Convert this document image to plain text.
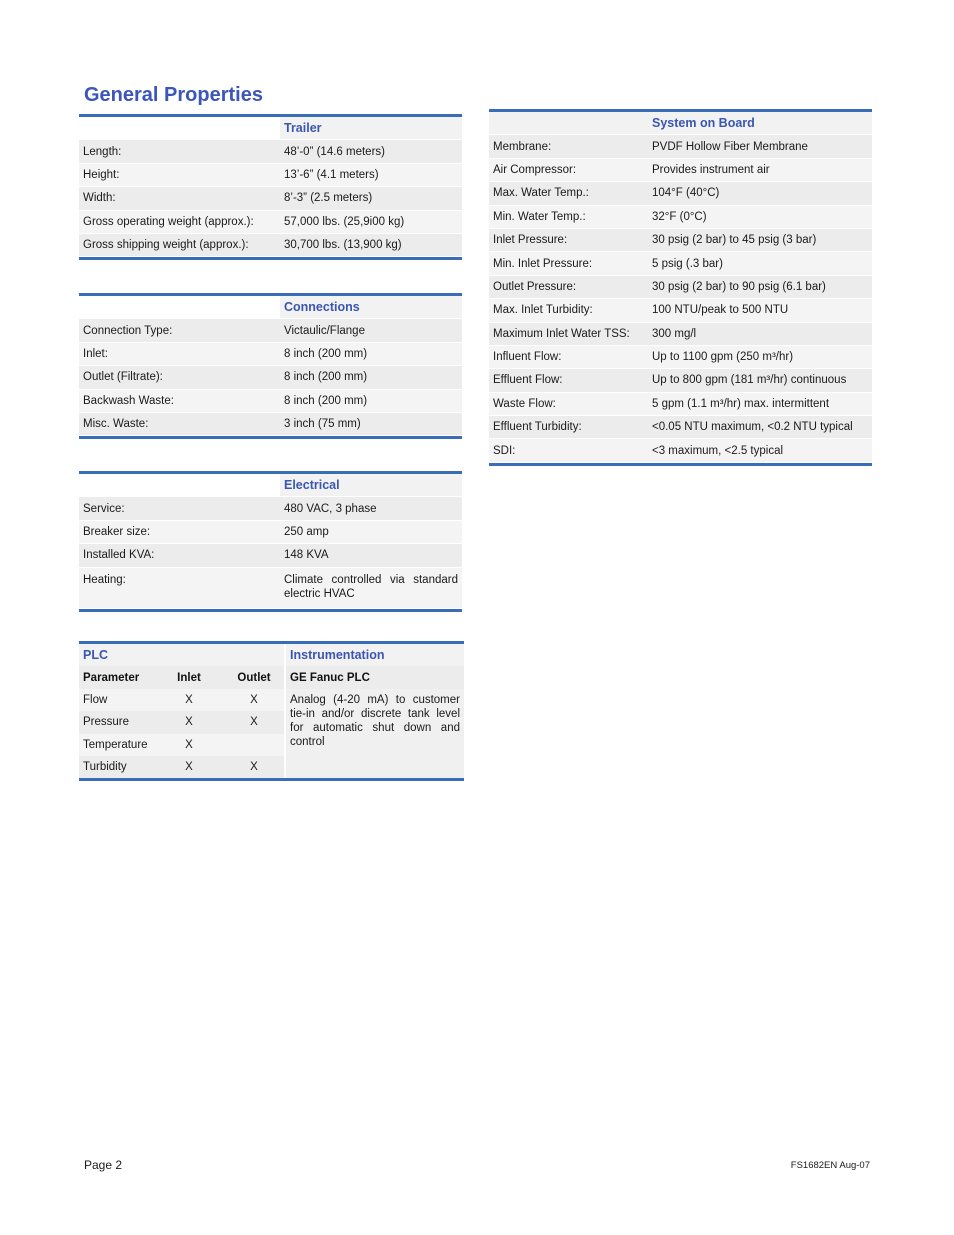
General Properties
	Trailer
Length:	48’-0” (14.6 meters)
Height:	13’-6” (4.1 meters)
Width:	8’-3” (2.5 meters)
Gross operating weight (approx.):	57,000 lbs. (25,9i00 kg)
Gross shipping weight (approx.):	30,700 lbs. (13,900 kg)
	Connections
Connection Type:	Victaulic/Flange
Inlet:	8 inch (200 mm)
Outlet (Filtrate):	8 inch (200 mm)
Backwash Waste:	8 inch (200 mm)
Misc. Waste:	3 inch (75 mm)
	Electrical
Service:	480 VAC, 3 phase
Breaker size:	250 amp
Installed KVA:	148 KVA
Heating:	Climate controlled via standard electric HVAC
PLC			Instrumentation
Parameter	Inlet	Outlet	GE Fanuc PLC
Flow	X	X	Analog (4-20 mA) to customer tie-in and/or discrete tank level for automatic shut down and control
Pressure	X	X	
Temperature	X		
Turbidity	X	X	
	System on Board
Membrane:	PVDF Hollow Fiber Membrane
Air Compressor:	Provides instrument air
Max. Water Temp.:	104°F (40°C)
Min. Water Temp.:	32°F (0°C)
Inlet Pressure:	30 psig (2 bar) to 45 psig (3 bar)
Min. Inlet Pressure:	5 psig (.3 bar)
Outlet Pressure:	30 psig (2 bar) to 90 psig (6.1 bar)
Max. Inlet Turbidity:	100 NTU/peak to 500 NTU
Maximum Inlet Water TSS:	300 mg/l
Influent Flow:	Up to 1100 gpm (250 m³/hr)
Effluent Flow:	Up to 800 gpm (181 m³/hr) continuous
Waste Flow:	5 gpm (1.1 m³/hr) max. intermittent
Effluent Turbidity:	<0.05 NTU maximum, <0.2 NTU typical
SDI:	<3 maximum, <2.5 typical
Page 2	FS1682EN Aug-07
